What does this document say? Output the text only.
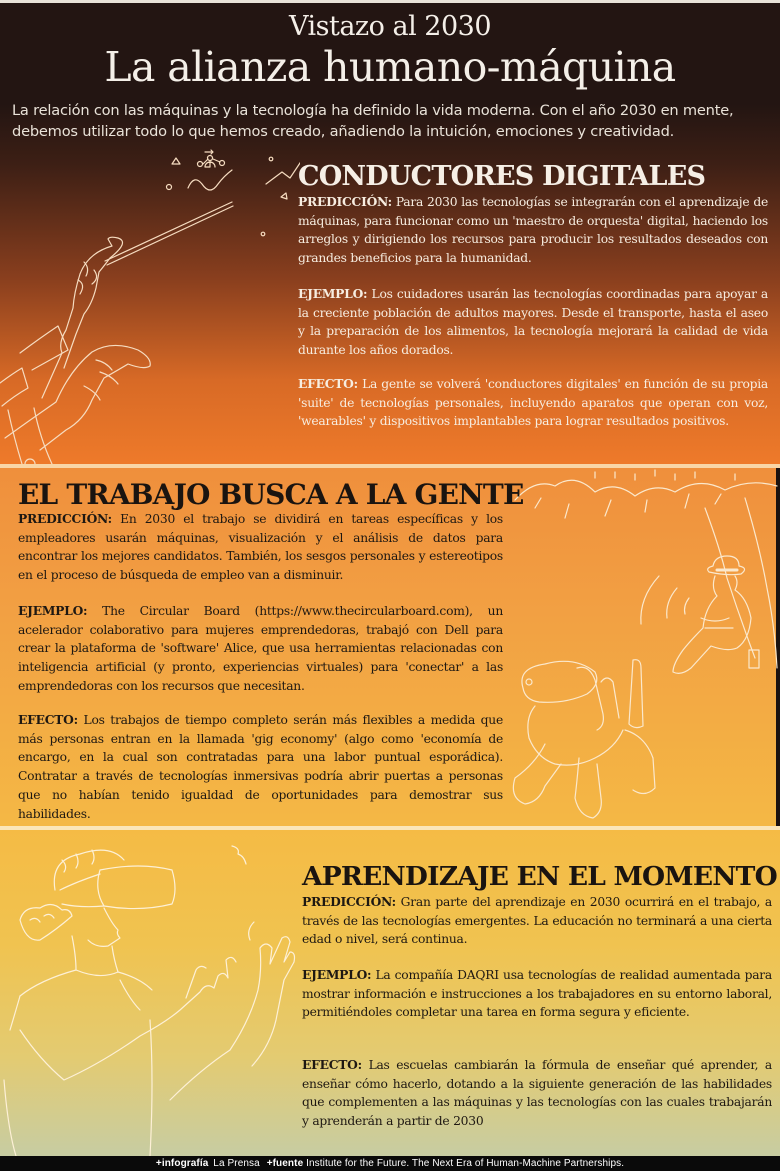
Vistazo al 2030
La alianza humano-máquina
La relación con las máquinas y la tecnología ha definido la vida moderna. Con el año 2030 en mente, debemos utilizar todo lo que hemos creado, añadiendo la intuición, emociones y creatividad.
CONDUCTORES DIGITALES
PREDICCIÓN: Para 2030 las tecnologías se integrarán con el aprendizaje de máquinas, para funcionar como un 'maestro de orquesta' digital, haciendo los arreglos y dirigiendo los recursos para producir los resultados deseados con grandes beneficios para la humanidad.
EJEMPLO: Los cuidadores usarán las tecnologías coordinadas para apoyar a la creciente población de adultos mayores. Desde el transporte, hasta el aseo y la preparación de los alimentos, la tecnología mejorará la calidad de vida durante los años dorados.
EFECTO: La gente se volverá 'conductores digitales' en función de su propia 'suite' de tecnologías personales, incluyendo aparatos que operan con voz, 'wearables' y dispositivos implantables para lograr resultados positivos.
EL TRABAJO BUSCA A LA GENTE
PREDICCIÓN: En 2030 el trabajo se dividirá en tareas específicas y los empleadores usarán máquinas, visualización y el análisis de datos para encontrar los mejores candidatos. También, los sesgos personales y estereotipos en el proceso de búsqueda de empleo van a disminuir.
EJEMPLO: The Circular Board (https://www.thecircularboard.com), un acelerador colaborativo para mujeres emprendedoras, trabajó con Dell para crear la plataforma de 'software' Alice, que usa herramientas relacionadas con inteligencia artificial (y pronto, experiencias virtuales) para 'conectar' a las emprendedoras con los recursos que necesitan.
EFECTO: Los trabajos de tiempo completo serán más flexibles a medida que más personas entran en la llamada 'gig economy' (algo como 'economía de encargo, en la cual son contratadas para una labor puntual esporádica). Contratar a través de tecnologías inmersivas podría abrir puertas a personas que no habían tenido igualdad de oportunidades para demostrar sus habilidades.
APRENDIZAJE EN EL MOMENTO
PREDICCIÓN: Gran parte del aprendizaje en 2030 ocurrirá en el trabajo, a través de las tecnologías emergentes. La educación no terminará a una cierta edad o nivel, será continua.
EJEMPLO: La compañía DAQRI usa tecnologías de realidad aumentada para mostrar información e instrucciones a los trabajadores en su entorno laboral, permitiéndoles completar una tarea en forma segura y eficiente.
EFECTO: Las escuelas cambiarán la fórmula de enseñar qué aprender, a enseñar cómo hacerlo, dotando a la siguiente generación de las habilidades que complementen a las máquinas y las tecnologías con las cuales trabajarán y aprenderán a partir de 2030
+infografía La Prensa +fuente Institute for the Future. The Next Era of Human-Machine Partnerships.
